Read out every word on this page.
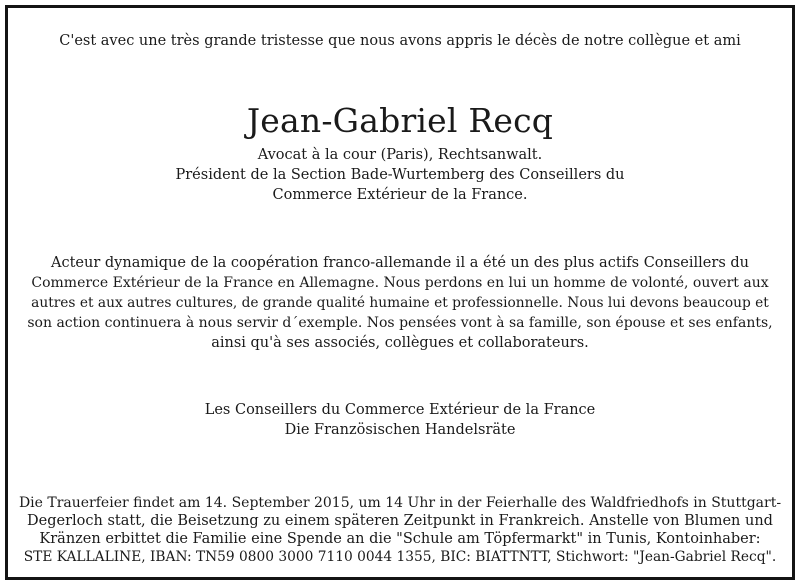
C'est avec une très grande tristesse que nous avons appris le décès de notre collègue et ami
Jean-Gabriel Recq
Avocat à la cour (Paris), Rechtsanwalt.
Président de la Section Bade-Wurtemberg des Conseillers du
Commerce Extérieur de la France.
Acteur dynamique de la coopération franco-allemande il a été un des plus actifs Conseillers du
Commerce Extérieur de la France en Allemagne. Nous perdons en lui un homme de volonté, ouvert aux
autres et aux autres cultures, de grande qualité humaine et professionnelle. Nous lui devons beaucoup et
son action continuera à nous servir d´exemple. Nos pensées vont à sa famille, son épouse et ses enfants,
ainsi qu'à ses associés, collègues et collaborateurs.
Les Conseillers du Commerce Extérieur de la France
Die Französischen Handelsräte
Die Trauerfeier findet am 14. September 2015, um 14 Uhr in der Feierhalle des Waldfriedhofs in Stuttgart-
Degerloch statt, die Beisetzung zu einem späteren Zeitpunkt in Frankreich. Anstelle von Blumen und
Kränzen erbittet die Familie eine Spende an die "Schule am Töpfermarkt" in Tunis, Kontoinhaber:
STE KALLALINE, IBAN: TN59 0800 3000 7110 0044 1355, BIC: BIATTNTT, Stichwort: "Jean-Gabriel Recq".
